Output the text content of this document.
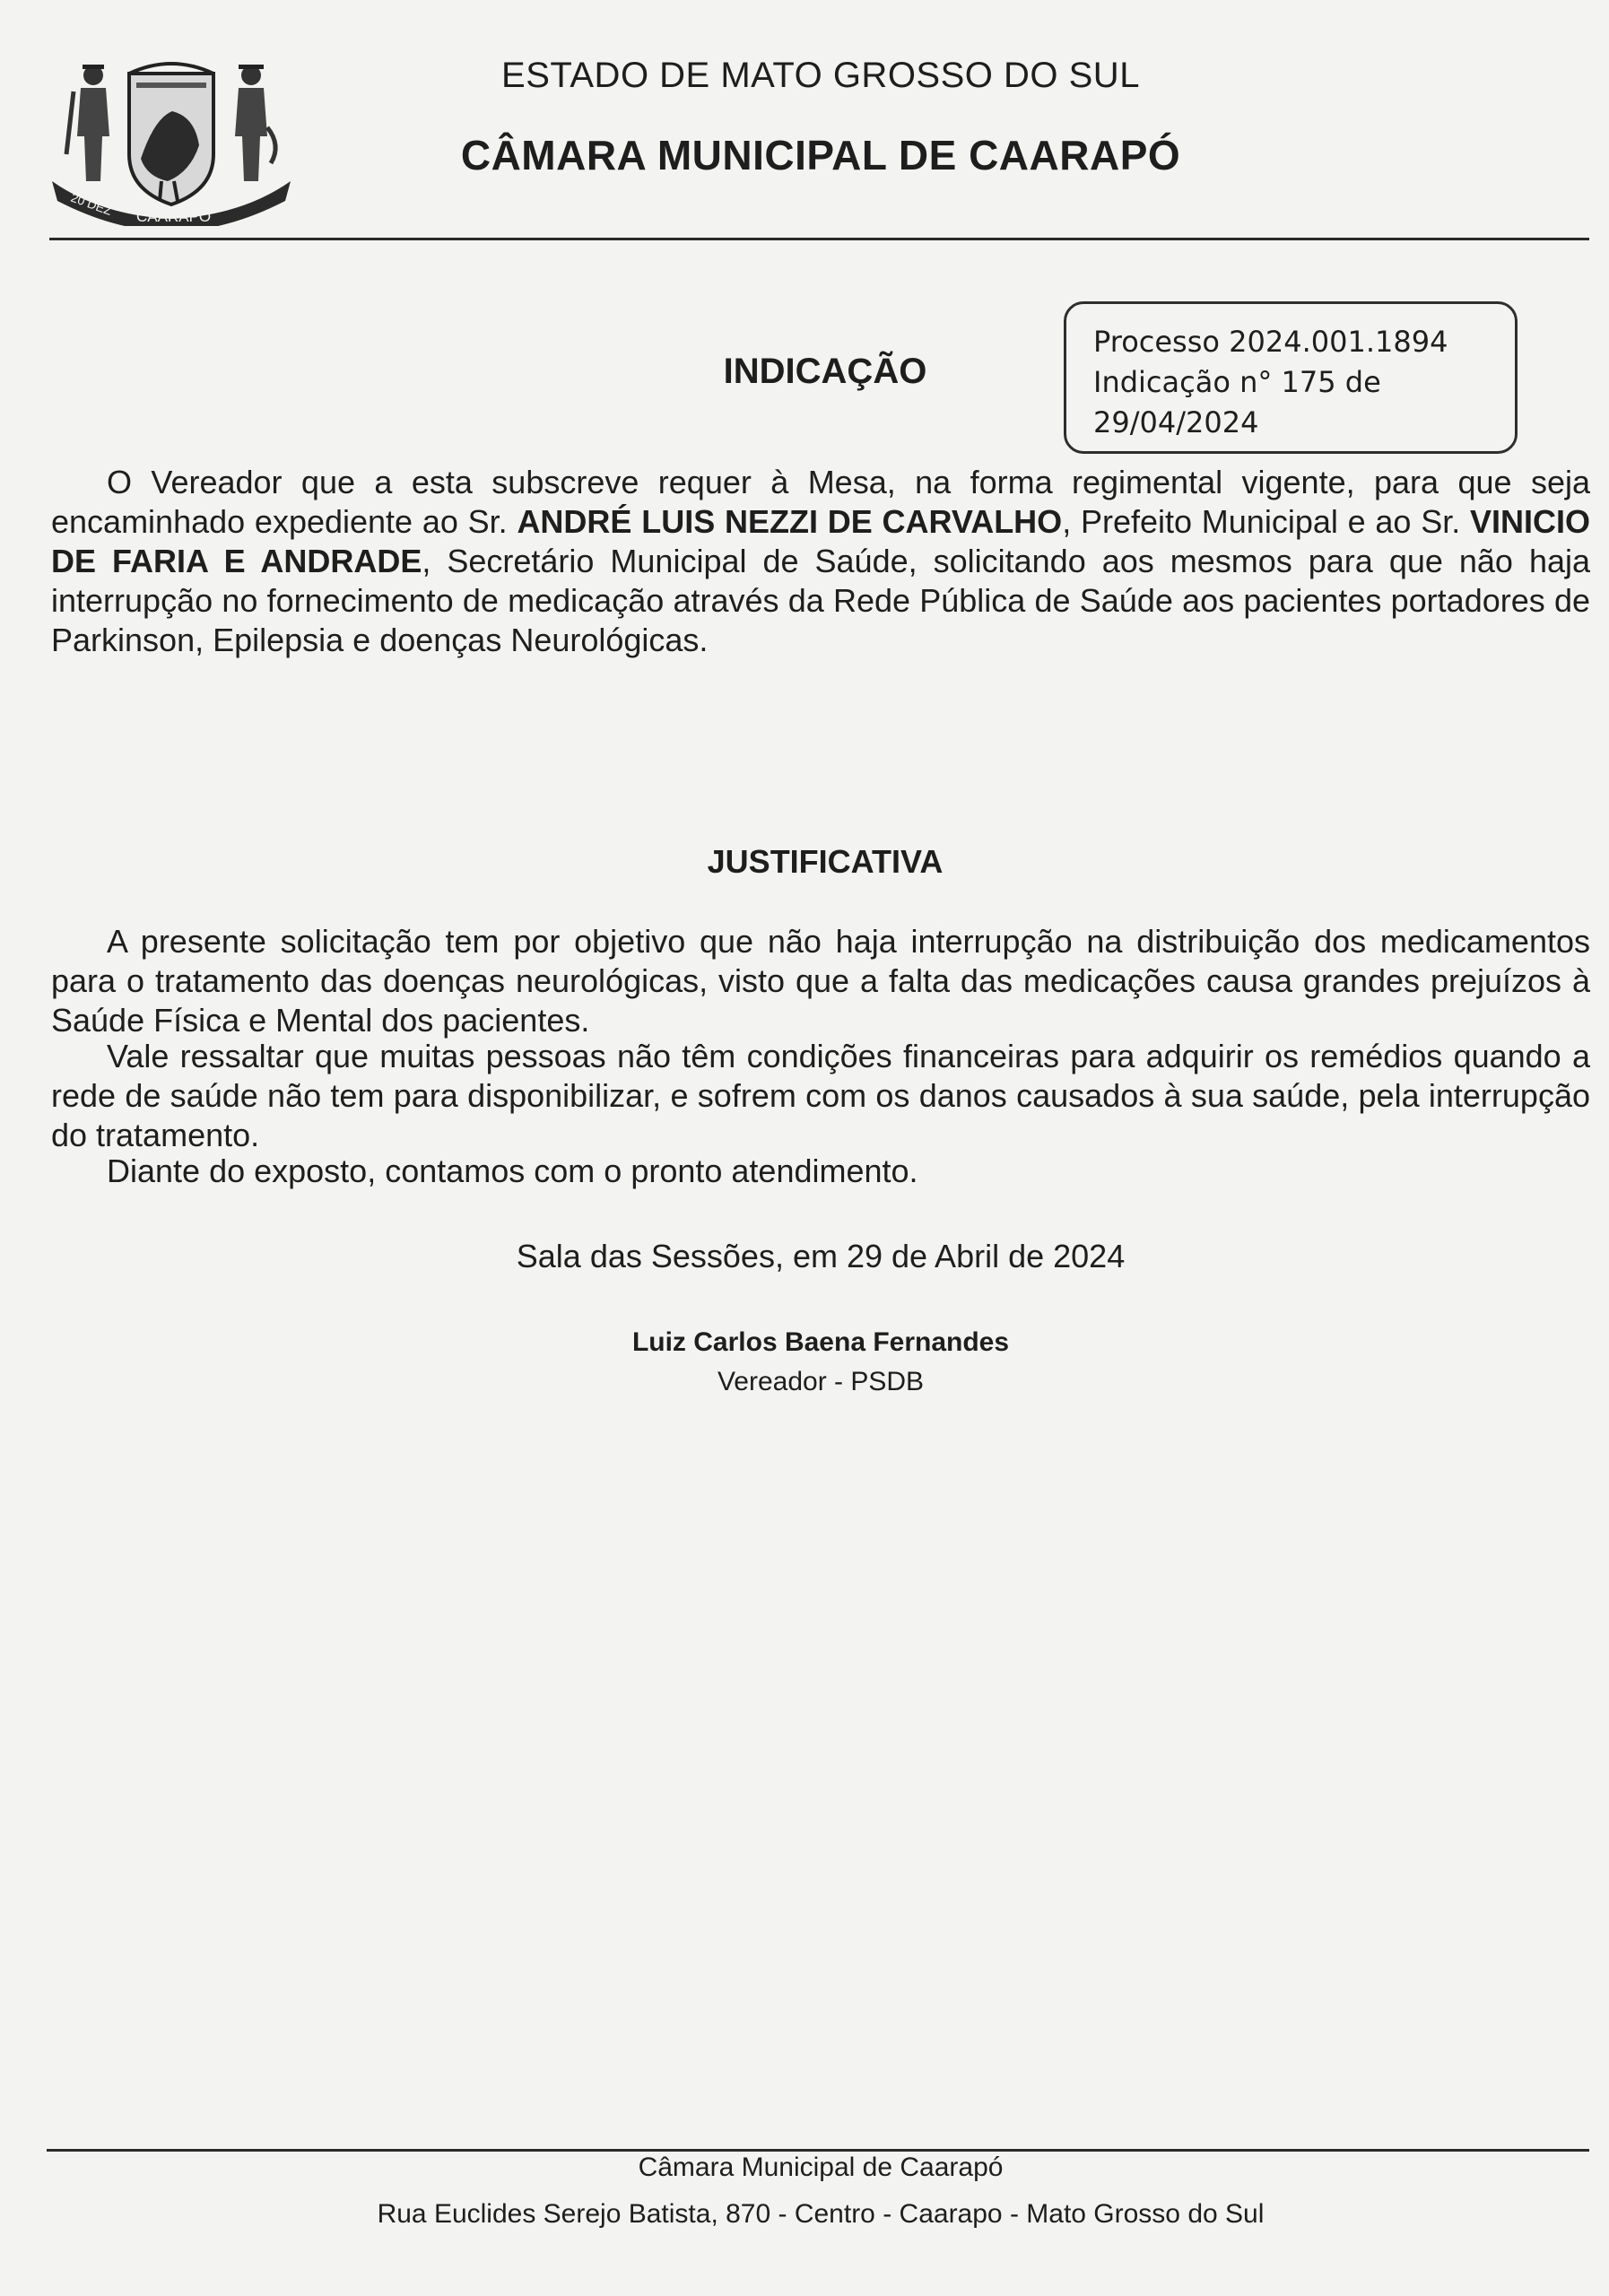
20 DEZ CAARAPÓ
1958
ESTADO DE MATO GROSSO DO SUL
CÂMARA MUNICIPAL DE CAARAPÓ
INDICAÇÃO
Processo 2024.001.1894
Indicação n° 175 de
29/04/2024
O Vereador que a esta subscreve requer à Mesa, na forma regimental vigente, para que seja encaminhado expediente ao Sr. ANDRÉ LUIS NEZZI DE CARVALHO, Prefeito Municipal e ao Sr. VINICIO DE FARIA E ANDRADE, Secretário Municipal de Saúde, solicitando aos mesmos para que não haja interrupção no fornecimento de medicação através da Rede Pública de Saúde aos pacientes portadores de Parkinson, Epilepsia e doenças Neurológicas.
JUSTIFICATIVA
A presente solicitação tem por objetivo que não haja interrupção na distribuição dos medicamentos para o tratamento das doenças neurológicas, visto que a falta das medicações causa grandes prejuízos à Saúde Física e Mental dos pacientes.
Vale ressaltar que muitas pessoas não têm condições financeiras para adquirir os remédios quando a rede de saúde não tem para disponibilizar, e sofrem com os danos causados à sua saúde, pela interrupção do tratamento.
Diante do exposto, contamos com o pronto atendimento.
Sala das Sessões, em 29 de Abril de 2024
Luiz Carlos Baena Fernandes
Vereador - PSDB
Câmara Municipal de Caarapó
Rua Euclides Serejo Batista, 870 - Centro - Caarapo - Mato Grosso do Sul
